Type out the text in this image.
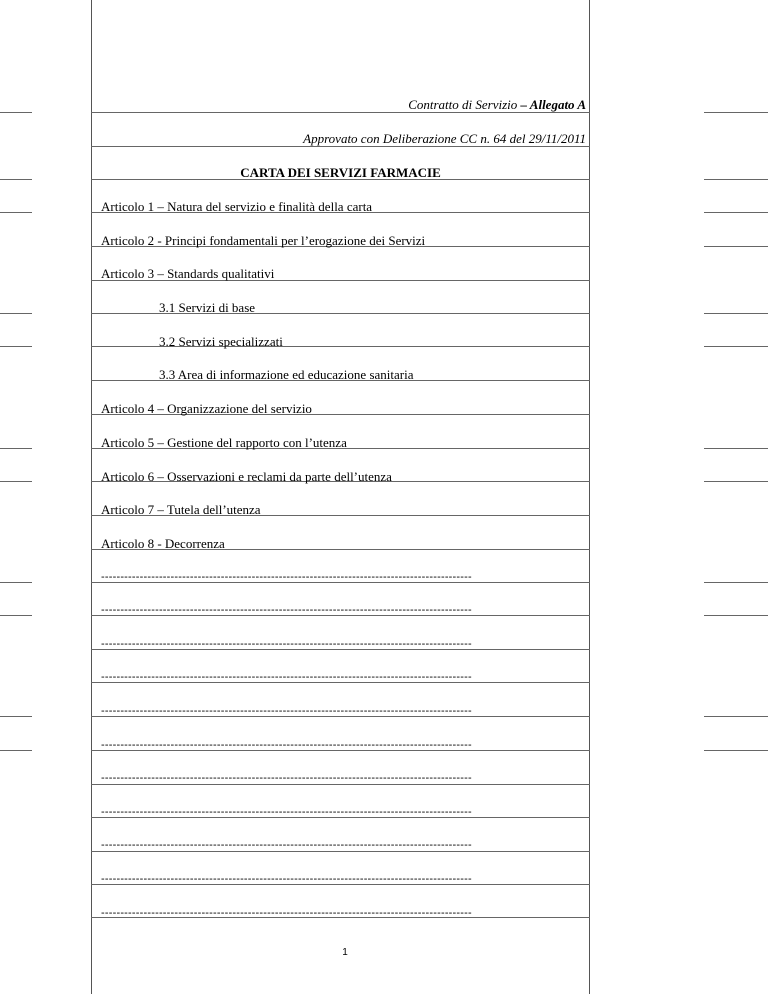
Contratto di Servizio – Allegato A
Approvato con Deliberazione CC n. 64 del 29/11/2011
CARTA DEI SERVIZI FARMACIE
Articolo 1 – Natura del servizio e finalità della carta
Articolo 2 - Principi fondamentali per l’erogazione dei Servizi
Articolo 3 – Standards qualitativi
3.1 Servizi di base
3.2 Servizi specializzati
3.3 Area di informazione ed educazione sanitaria
Articolo 4 – Organizzazione del servizio
Articolo 5 – Gestione del rapporto con l’utenza
Articolo 6 – Osservazioni e reclami da parte dell’utenza
Articolo 7 – Tutela dell’utenza
Articolo 8 - Decorrenza
------------------------------------------------------------------------------------------------
------------------------------------------------------------------------------------------------
------------------------------------------------------------------------------------------------
------------------------------------------------------------------------------------------------
------------------------------------------------------------------------------------------------
------------------------------------------------------------------------------------------------
------------------------------------------------------------------------------------------------
------------------------------------------------------------------------------------------------
------------------------------------------------------------------------------------------------
------------------------------------------------------------------------------------------------
------------------------------------------------------------------------------------------------
1
